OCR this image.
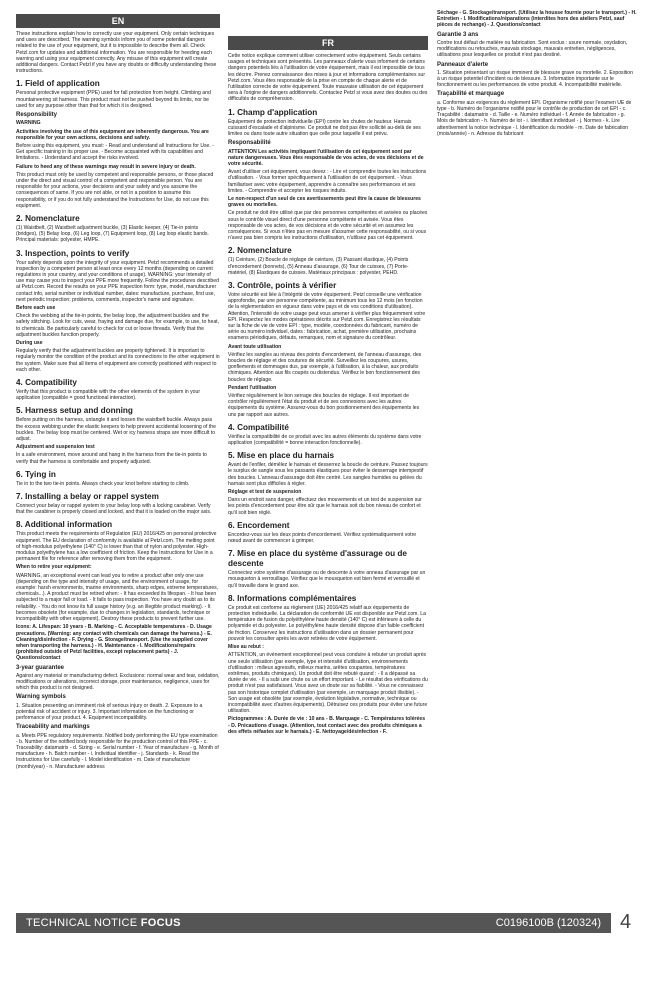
EN

These instructions explain how to correctly use your equipment. Only certain techniques and uses are described. The warning symbols inform you of some potential dangers related to the use of your equipment, but it is impossible to describe them all. Check Petzl.com for updates and additional information. You are responsible for heeding each warning and using your equipment correctly. Any misuse of this equipment will create additional dangers. Contact Petzl if you have any doubts or difficulty understanding these instructions.

1. Field of application

Personal protective equipment (PPE) used for fall protection from height. Climbing and mountaineering sit harness. This product must not be pushed beyond its limits, nor be used for any purpose other than that for which it is designed.

Responsibility

WARNING

Activities involving the use of this equipment are inherently dangerous. You are responsible for your own actions, decisions and safety.

Before using this equipment, you must: - Read and understand all Instructions for Use. - Get specific training in its proper use. - Become acquainted with its capabilities and limitations. - Understand and accept the risks involved.

Failure to heed any of these warnings may result in severe injury or death.

This product must only be used by competent and responsible persons, or those placed under the direct and visual control of a competent and responsible person. You are responsible for your actions, your decisions and your safety and you assume the consequences of same. If you are not able, or not in a position to assume this responsibility, or if you do not fully understand the Instructions for Use, do not use this equipment.

2. Nomenclature

(1) Waistbelt, (2) Waistbelt adjustment buckle, (3) Elastic keeper, (4) Tie-in points (bridges), (5) Belay loop, (6) Leg loop, (7) Equipment loop, (8) Leg loop elastic bands. Principal materials: polyester, HMPE.

3. Inspection, points to verify

Your safety depends upon the integrity of your equipment. Petzl recommends a detailed inspection by a competent person at least once every 12 months (depending on current regulations in your country, and your conditions of usage). WARNING: your intensity of use may cause you to inspect your PPE more frequently. Follow the procedures described at Petzl.com. Record the results on your PPE inspection form: type, model, manufacturer contact info, serial number or individual number, dates: manufacture, purchase, first use, next periodic inspection; problems, comments, inspector's name and signature.

Before each use

Check the webbing at the tie-in points, the belay loop, the adjustment buckles and the safety stitching. Look for cuts, wear, fraying and damage due, for example, to use, to heat, to chemicals. Be particularly careful to check for cut or loose threads. Verify that the adjustment buckles function properly.

During use

Regularly verify that the adjustment buckles are properly tightened. It is important to regularly monitor the condition of the product and its connections to the other equipment in the system. Make sure that all items of equipment are correctly positioned with respect to each other.

4. Compatibility

Verify that this product is compatible with the other elements of the system in your application (compatible = good functional interaction).

5. Harness setup and donning

Before putting on the harness, untangle it and loosen the waistbelt buckle. Always pass the excess webbing under the elastic keepers to help prevent accidental loosening of the buckles. The belay loop must be centered. Wet or icy harness straps are more difficult to adjust.

Adjustment and suspension test

In a safe environment, move around and hang in the harness from the tie-in points to verify that the harness is comfortable and properly adjusted.

6. Tying in

Tie in to the two tie-in points. Always check your knot before starting to climb.

7. Installing a belay or rappel system

Connect your belay or rappel system to your belay loop with a locking carabiner. Verify that the carabiner is properly closed and locked, and that it is loaded on the major axis.

8. Additional information

This product meets the requirements of Regulation (EU) 2016/425 on personal protective equipment. The EU declaration of conformity is available at Petzl.com. The melting point of high-modulus polyethylene (140° C) is lower than that of nylon and polyester. High-modulus polyethylene has a low coefficient of friction. Keep the Instructions for Use in a permanent file for reference after removing them from the equipment.

When to retire your equipment:

WARNING, an exceptional event can lead you to retire a product after only one use (depending on the type and intensity of usage, and the environment of usage, for example: harsh environments, marine environments, sharp edges, extreme temperatures, chemicals...). A product must be retired when: - It has exceeded its lifespan. - It has been subjected to a major fall or load. - It fails to pass inspection. You have any doubt as to its reliability. - You do not know its full usage history (e.g. an illegible product marking). - It becomes obsolete (for example, due to changes in legislation, standards, technique or incompatibility with other equipment). Destroy these products to prevent further use.

Icons: A. Lifespan: 10 years - B. Marking - C. Acceptable temperatures - D. Usage precautions. (Warning: any contact with chemicals can damage the harness.) - E. Cleaning/disinfection - F. Drying - G. Storage/transport. (Use the supplied cover when transporting the harness.) - H. Maintenance - I. Modifications/repairs (prohibited outside of Petzl facilities, except replacement parts) - J. Questions/contact

3-year guarantee

Against any material or manufacturing defect. Exclusions: normal wear and tear, oxidation, modifications or alterations, incorrect storage, poor maintenance, negligence, uses for which this product is not designed.

Warning symbols

1. Situation presenting an imminent risk of serious injury or death. 2. Exposure to a potential risk of accident or injury. 3. Important information on the functioning or performance of your product. 4. Equipment incompatibility.

Traceability and markings

a. Meets PPE regulatory requirements. Notified body performing the EU type examination - b. Number of the notified body responsible for the production control of this PPE - c. Traceability: datamatrix - d. Sizing - e. Serial number - f. Year of manufacture - g. Month of manufacture - h. Batch number - i. Individual identifier - j. Standards - k. Read the Instructions for Use carefully - l. Model identification - m. Date of manufacture (month/year) - n. Manufacturer address

FR

Cette notice explique comment utiliser correctement votre équipement. Seuls certains usages et techniques sont présentés. Les panneaux d'alerte vous informent de certains dangers potentiels liés à l'utilisation de votre équipement, mais il est impossible de tous les décrire. Prenez connaissance des mises à jour et informations complémentaires sur Petzl.com. Vous êtes responsable de la prise en compte de chaque alerte et de l'utilisation correcte de votre équipement. Toute mauvaise utilisation de cet équipement sera à l'origine de dangers additionnels. Contactez Petzl si vous avez des doutes ou des difficultés de compréhension.

1. Champ d'application

Équipement de protection individuelle (EPI) contre les chutes de hauteur. Harnais cuissard d'escalade et d'alpinisme. Ce produit ne doit pas être sollicité au-delà de ses limites ou dans toute autre situation que celle pour laquelle il est prévu.

Responsabilité

ATTENTION Les activités impliquant l'utilisation de cet équipement sont par nature dangereuses. Vous êtes responsable de vos actes, de vos décisions et de votre sécurité.

Avant d'utiliser cet équipement, vous devez : - Lire et comprendre toutes les instructions d'utilisation. - Vous former spécifiquement à l'utilisation de cet équipement. - Vous familiariser avec votre équipement, apprendre à connaître ses performances et ses limites. - Comprendre et accepter les risques induits.

Le non-respect d'un seul de ces avertissements peut être la cause de blessures graves ou mortelles.

Ce produit ne doit être utilisé que par des personnes compétentes et avisées ou placées sous le contrôle visuel direct d'une personne compétente et avisée. Vous êtes responsable de vos actes, de vos décisions et de votre sécurité et en assumez les conséquences. Si vous n'êtes pas en mesure d'assumer cette responsabilité, ou si vous n'avez pas bien compris les instructions d'utilisation, n'utilisez pas cet équipement.

2. Nomenclature

(1) Ceinture, (2) Boucle de réglage de ceinture, (3) Passant élastique, (4) Points d'encordement (bonnets), (5) Anneau d'assurage, (6) Tour de cuisses, (7) Porte-matériel, (8) Élastiques de cuisses. Matériaux principaux : polyester, PEHD.

3. Contrôle, points à vérifier

Votre sécurité est liée à l'intégrité de votre équipement. Petzl conseille une vérification approfondie, par une personne compétente, au minimum tous les 12 mois (en fonction de la réglementation en vigueur dans votre pays et de vos conditions d'utilisation). Attention, l'intensité de votre usage peut vous amener à vérifier plus fréquemment votre EPI. Respectez les modes opératoires décrits sur Petzl.com. Enregistrez les résultats sur la fiche de vie de votre EPI : type, modèle, coordonnées du fabricant, numéro de série ou numéro individuel, dates : fabrication, achat, première utilisation, prochains examens périodiques, défauts, remarques, nom et signature du contrôleur.

Avant toute utilisation

Vérifiez les sangles au niveau des points d'encordement, de l'anneau d'assurage, des boucles de réglage et des coutures de sécurité. Surveillez les coupures, usures, gonflements et dommages dus, par exemple, à l'utilisation, à la chaleur, aux produits chimiques. Attention aux fils coupés ou distendus. Vérifiez le bon fonctionnement des boucles de réglage.

Pendant l'utilisation

Vérifiez régulièrement le bon serrage des boucles de réglage. Il est important de contrôler régulièrement l'état du produit et de ses connexions avec les autres équipements du système. Assurez-vous du bon positionnement des équipements les uns par rapport aux autres.

4. Compatibilité

Vérifiez la compatibilité de ce produit avec les autres éléments du système dans votre application (compatibilité = bonne interaction fonctionnelle).

5. Mise en place du harnais

Avant de l'enfiler, démêlez le harnais et desserrez la boucle de ceinture. Passez toujours le surplus de sangle sous les passants élastiques pour éviter le desserrage intempestif des boucles. L'anneau d'assurage doit être centré. Les sangles humides ou gelées du harnais sont plus difficiles à régler.

Réglage et test de suspension

Dans un endroit sans danger, effectuez des mouvements et un test de suspension sur les points d'encordement pour être sûr que le harnais soit du bon niveau de confort et qu'il soit bien réglé.

6. Encordement

Encordez-vous sur les deux points d'encordement. Vérifiez systématiquement votre nœud avant de commencer à grimper.

7. Mise en place du système d'assurage ou de descente

Connectez votre système d'assurage ou de descente à votre anneau d'assurage par un mousqueton à verrouillage. Vérifiez que le mousqueton est bien fermé et verrouillé et qu'il travaille dans le grand axe.

8. Informations complémentaires

Ce produit est conforme au règlement (UE) 2016/425 relatif aux équipements de protection individuelle. La déclaration de conformité UE est disponible sur Petzl.com. La température de fusion du polyéthylène haute densité (140° C) est inférieure à celle du polyamide et du polyester. Le polyéthylène haute densité dispose d'un faible coefficient de friction. Conservez les instructions d'utilisation dans un dossier permanent pour pouvoir les consulter après les avoir retirées de votre équipement.

Mise au rebut :

ATTENTION, un événement exceptionnel peut vous conduire à rebuter un produit après une seule utilisation (par exemple, type et intensité d'utilisation, environnements d'utilisation : milieux agressifs, milieux marins, arêtes coupantes, températures extrêmes, produits chimiques). Un produit doit être rebuté quand : - Il a dépassé sa durée de vie. - Il a subi une chute ou un effort important. - Le résultat des vérifications du produit n'est pas satisfaisant. Vous avez un doute sur sa fiabilité. - Vous ne connaissez pas son historique complet d'utilisation (par exemple, un marquage produit illisible). - Son usage est obsolète (par exemple, évolution législative, normative, technique ou incompatibilité avec d'autres équipements). Détruisez ces produits pour éviter une future utilisation.

Pictogrammes : A. Durée de vie : 10 ans - B. Marquage - C. Températures tolérées - D. Précautions d'usage. (Attention, tout contact avec des produits chimiques a des effets néfastes sur le harnais.) - E. Nettoyage/désinfection - F.

Séchage - G. Stockage/transport. (Utilisez la housse fournie pour le transport.) - H. Entretien - I. Modifications/réparations (interdites hors des ateliers Petzl, sauf pièces de rechange) - J. Questions/contact

Garantie 3 ans

Contre tout défaut de matière ou fabrication. Sont exclus : usure normale, oxydation, modifications ou retouches, mauvais stockage, mauvais entretien, négligences, utilisations pour lesquelles ce produit n'est pas destiné.

Panneaux d'alerte

1. Situation présentant un risque imminent de blessure grave ou mortelle. 2. Exposition à un risque potentiel d'incident ou de blessure. 3. Information importante sur le fonctionnement ou les performances de votre produit. 4. Incompatibilité matérielle.

Traçabilité et marquage

a. Conforme aux exigences du règlement EPI. Organisme notifié pour l'examen UE de type - b. Numéro de l'organisme notifié pour le contrôle de production de cet EPI - c. Traçabilité : datamatrix - d. Taille - e. Numéro individuel - f. Année de fabrication - g. Mois de fabrication - h. Numéro de lot - i. Identifiant individuel - j. Normes - k. Lire attentivement la notice technique - l. Identification du modèle - m. Date de fabrication (mois/année) - n. Adresse du fabricant

TECHNICAL NOTICE FOCUS	C0196100B (120324) 4
